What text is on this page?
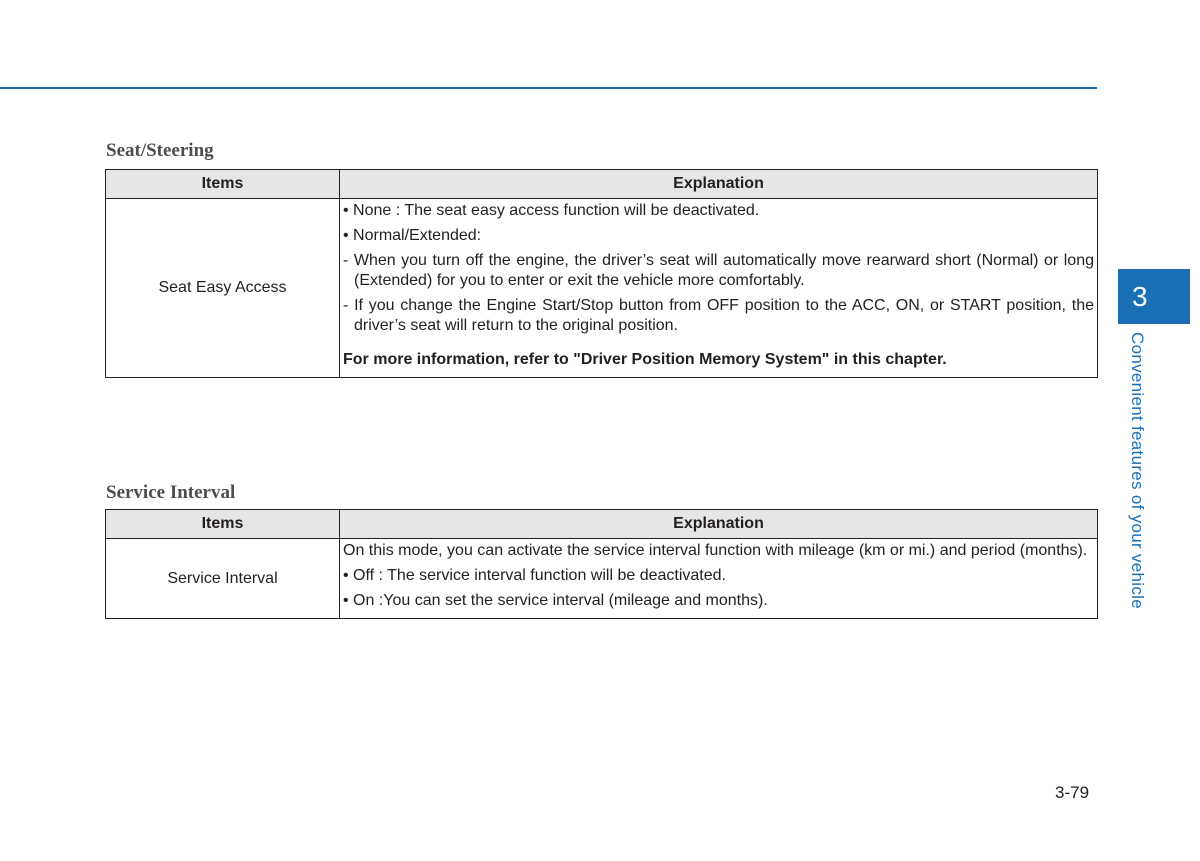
Seat/Steering
Items	Explanation
Seat Easy Access	• None : The seat easy access function will be deactivated.
• Normal/Extended:
- When you turn off the engine, the driver’s seat will automatically move rearward short (Normal) or long (Extended) for you to enter or exit the vehicle more comfortably.
- If you change the Engine Start/Stop button from OFF position to the ACC, ON, or START position, the driver’s seat will return to the original position.
For more information, refer to "Driver Position Memory System" in this chapter.
Service Interval
Items	Explanation
Service Interval	On this mode, you can activate the service interval function with mileage (km or mi.) and period (months).
• Off : The service interval function will be deactivated.
• On :You can set the service interval (mileage and months).
3
Convenient features of your vehicle
3-79
